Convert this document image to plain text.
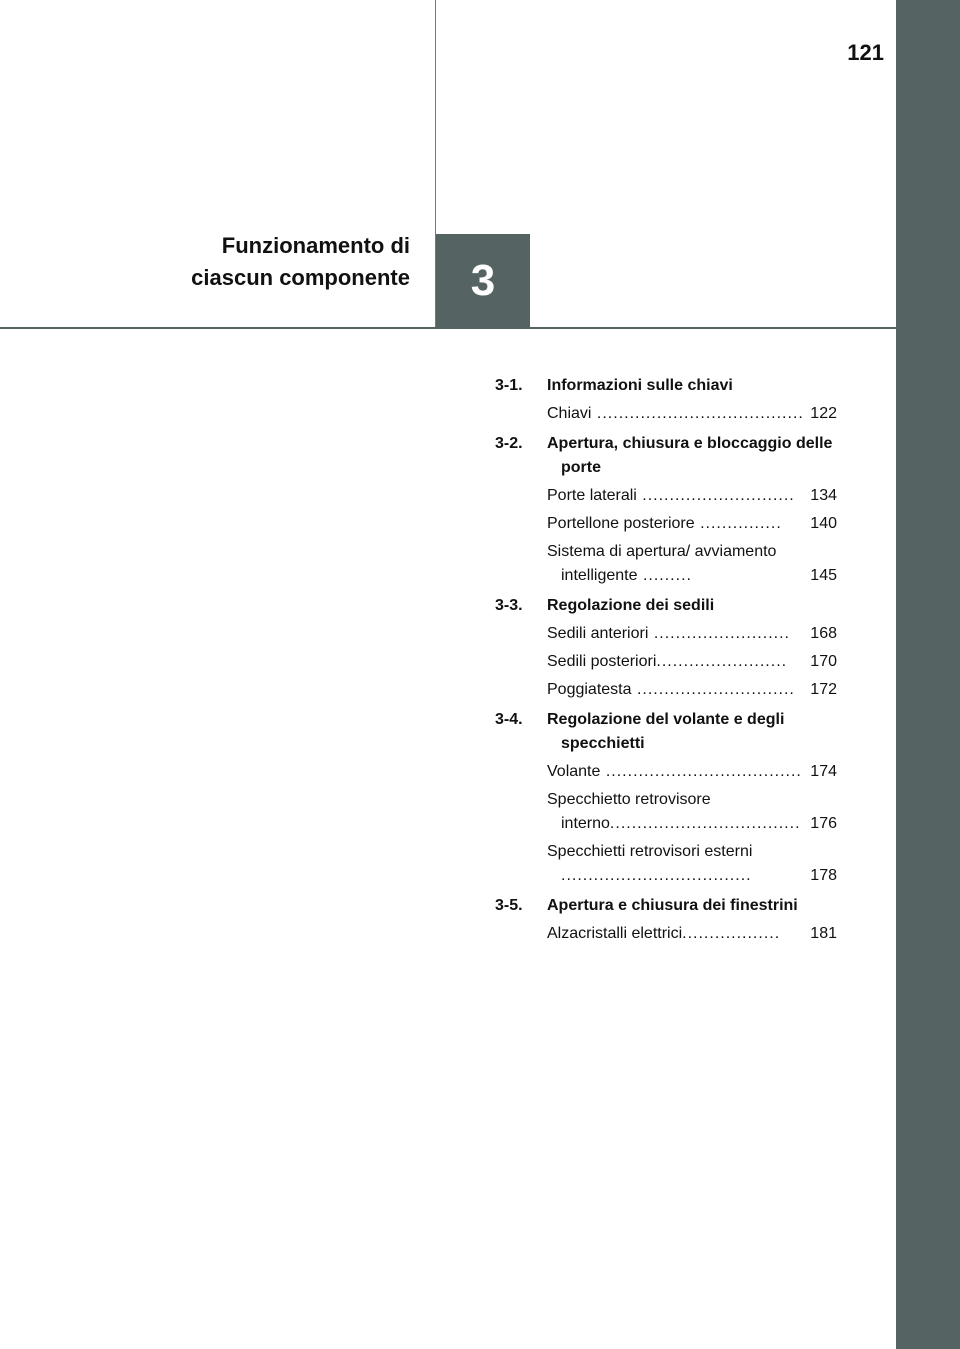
121
Funzionamento di
ciascun componente 3
3-1.	Informazioni sulle chiavi
Chiavi ...................................... 122
3-2.	Apertura, chiusura e bloccaggio delle porte
Porte laterali ............................ 134
Portellone posteriore ...............	140
Sistema di apertura/ avviamento intelligente .........	145
3-3.	Regolazione dei sedili
Sedili anteriori .........................	168
Sedili posteriori........................	170
Poggiatesta ............................. 172
3-4.	Regolazione del volante e degli specchietti
Volante .................................... 174
Specchietto retrovisore interno................................... 176
Specchietti retrovisori esterni ...................................	178
3-5.	Apertura e chiusura dei finestrini
Alzacristalli elettrici..................	181
